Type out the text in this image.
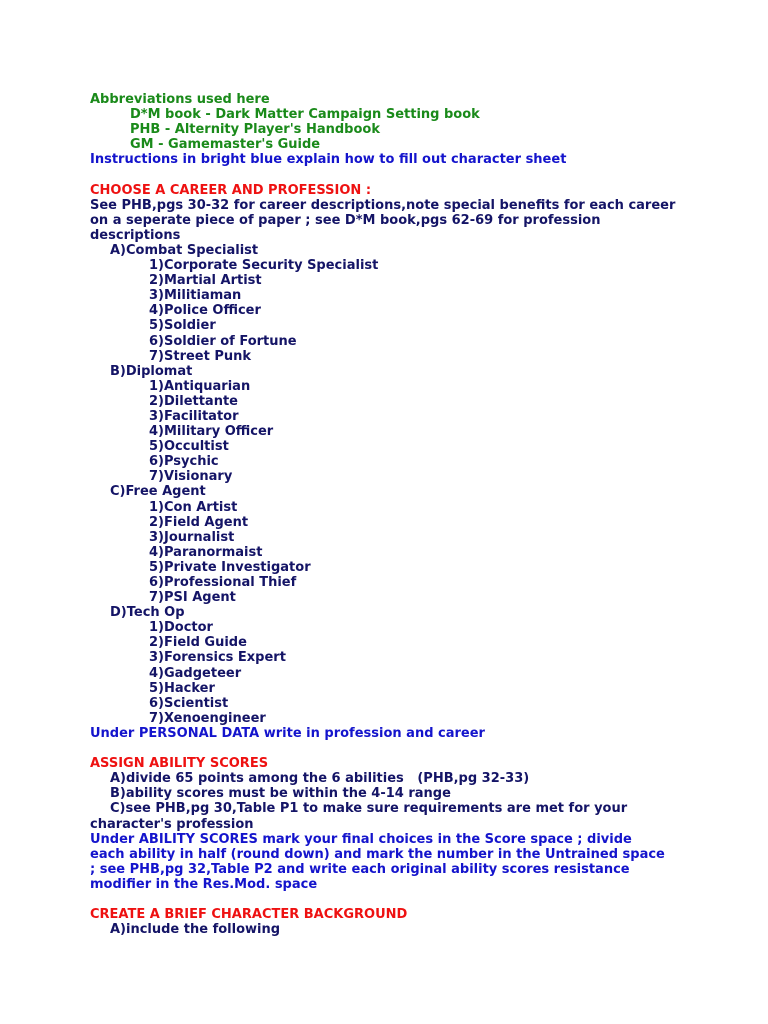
Abbreviations used here
D*M book - Dark Matter Campaign Setting book
PHB - Alternity Player's Handbook
GM - Gamemaster's Guide
Instructions in bright blue explain how to fill out character sheet
CHOOSE A CAREER AND PROFESSION :
See PHB,pgs 30-32 for career descriptions,note special benefits for each career on a seperate piece of paper ; see D*M book,pgs 62-69 for profession descriptions
A)Combat Specialist
1)Corporate Security Specialist
2)Martial Artist
3)Militiaman
4)Police Officer
5)Soldier
6)Soldier of Fortune
7)Street Punk
B)Diplomat
1)Antiquarian
2)Dilettante
3)Facilitator
4)Military Officer
5)Occultist
6)Psychic
7)Visionary
C)Free Agent
1)Con Artist
2)Field Agent
3)Journalist
4)Paranormaist
5)Private Investigator
6)Professional Thief
7)PSI Agent
D)Tech Op
1)Doctor
2)Field Guide
3)Forensics Expert
4)Gadgeteer
5)Hacker
6)Scientist
7)Xenoengineer
Under PERSONAL DATA write in profession and career
ASSIGN ABILITY SCORES
A)divide 65 points among the 6 abilities   (PHB,pg 32-33)
B)ability scores must be within the 4-14 range
C)see PHB,pg 30,Table P1 to make sure requirements are met for your character's profession
Under ABILITY SCORES mark your final choices in the Score space ; divide each ability in half (round down) and mark the number in the Untrained space ; see PHB,pg 32,Table P2 and write each original ability scores resistance modifier in the Res.Mod. space
CREATE A BRIEF CHARACTER BACKGROUND
A)include the following
